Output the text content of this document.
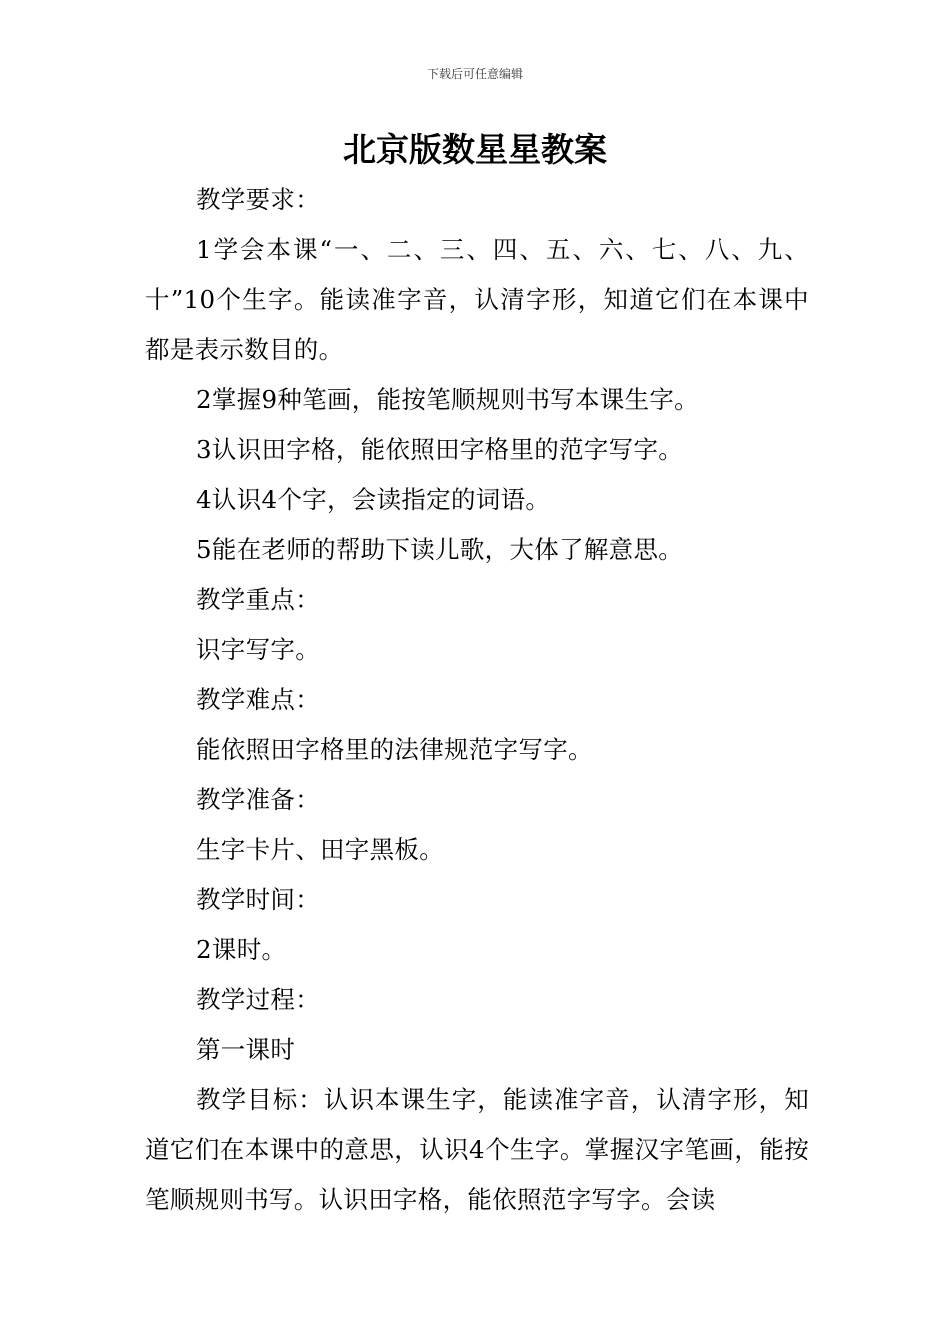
下载后可任意编辑
北京版数星星教案

教学要求：

1学会本课“一、二、三、四、五、六、七、八、九、十”10个生字。能读准字音，认清字形，知道它们在本课中都是表示数目的。

2掌握9种笔画，能按笔顺规则书写本课生字。

3认识田字格，能依照田字格里的范字写字。

4认识4个字，会读指定的词语。

5能在老师的帮助下读儿歌，大体了解意思。

教学重点：

识字写字。

教学难点：

能依照田字格里的法律规范字写字。

教学准备：

生字卡片、田字黑板。

教学时间：

2课时。

教学过程：

第一课时

教学目标：认识本课生字，能读准字音，认清字形，知道它们在本课中的意思，认识4个生字。掌握汉字笔画，能按笔顺规则书写。认识田字格，能依照范字写字。会读
